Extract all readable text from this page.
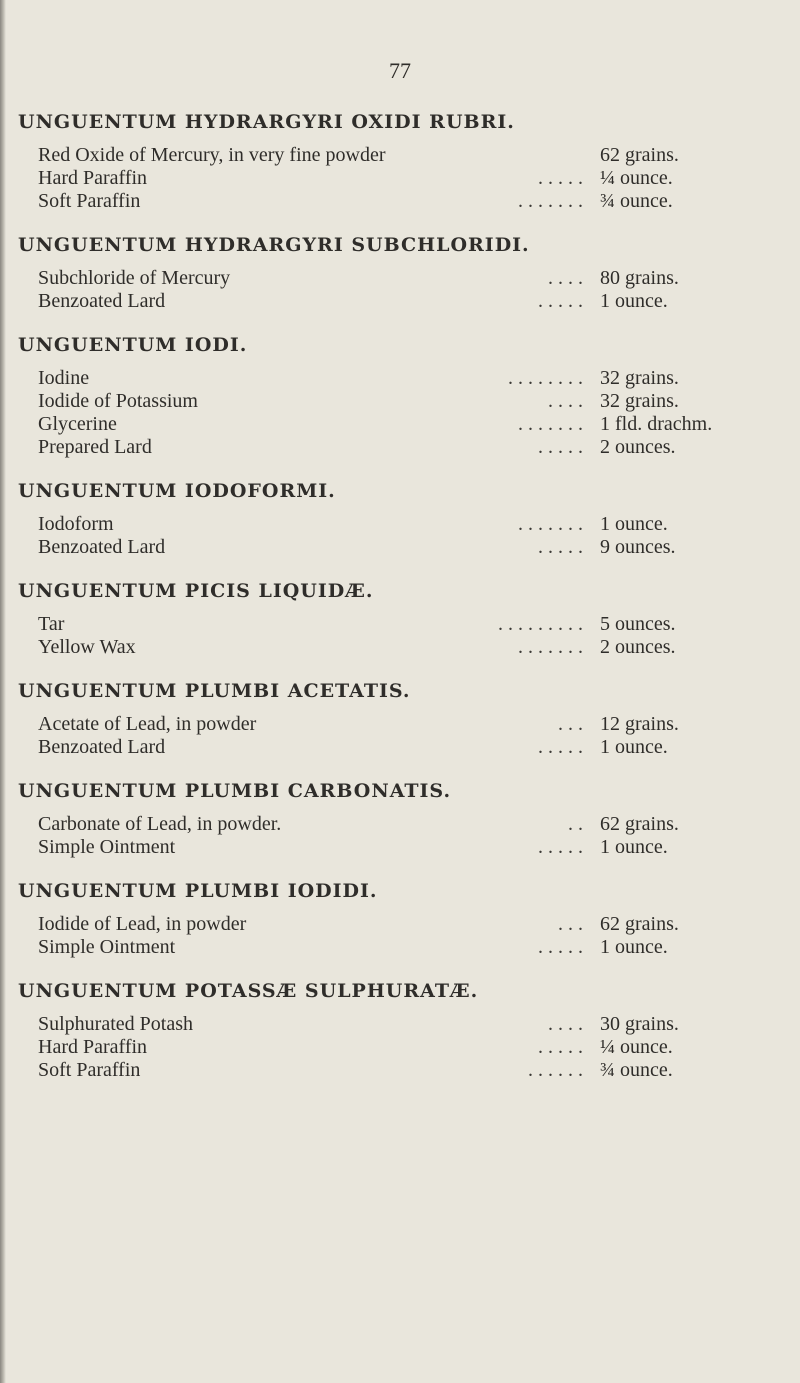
77
UNGUENTUM HYDRARGYRI OXIDI RUBRI.
Red Oxide of Mercury, in very fine powder	62 grains.
. . . . .
Hard Paraffin	¼ ounce.
. . . . . . .
Soft Paraffin	¾ ounce.
UNGUENTUM HYDRARGYRI SUBCHLORIDI.
. . . .
Subchloride of Mercury	80 grains.
. . . . .
Benzoated Lard	1 ounce.
UNGUENTUM IODI.
. . . . . . . .
Iodine	32 grains.
. . . .
Iodide of Potassium	32 grains.
. . . . . . .
Glycerine	1 fld. drachm.
. . . . .
Prepared Lard	2 ounces.
UNGUENTUM IODOFORMI.
. . . . . . .
Iodoform	1 ounce.
. . . . .
Benzoated Lard	9 ounces.
UNGUENTUM PICIS LIQUIDÆ.
. . . . . . . . .
Tar	5 ounces.
. . . . . . .
Yellow Wax	2 ounces.
UNGUENTUM PLUMBI ACETATIS.
. . .
Acetate of Lead, in powder	12 grains.
. . . . .
Benzoated Lard	1 ounce.
UNGUENTUM PLUMBI CARBONATIS.
. .
Carbonate of Lead, in powder.	62 grains.
. . . . .
Simple Ointment	1 ounce.
UNGUENTUM PLUMBI IODIDI.
. . .
Iodide of Lead, in powder	62 grains.
. . . . .
Simple Ointment	1 ounce.
UNGUENTUM POTASSÆ SULPHURATÆ.
. . . .
Sulphurated Potash	30 grains.
. . . . .
Hard Paraffin	¼ ounce.
. . . . . .
Soft Paraffin	¾ ounce.
